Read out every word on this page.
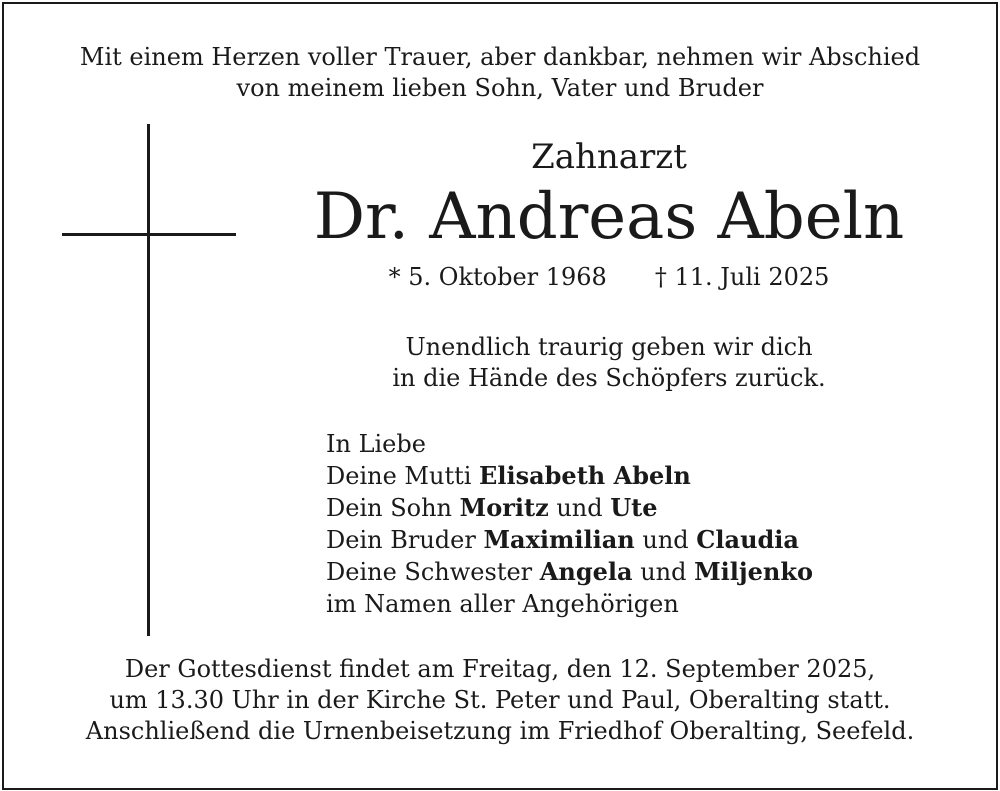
Mit einem Herzen voller Trauer, aber dankbar, nehmen wir Abschied
von meinem lieben Sohn, Vater und Bruder
Zahnarzt
Dr. Andreas Abeln
* 5. Oktober 1968 † 11. Juli 2025
Unendlich traurig geben wir dich
in die Hände des Schöpfers zurück.
In Liebe
Deine Mutti Elisabeth Abeln
Dein Sohn Moritz und Ute
Dein Bruder Maximilian und Claudia
Deine Schwester Angela und Miljenko
im Namen aller Angehörigen
Der Gottesdienst findet am Freitag, den 12. September 2025,
um 13.30 Uhr in der Kirche St. Peter und Paul, Oberalting statt.
Anschließend die Urnenbeisetzung im Friedhof Oberalting, Seefeld.
